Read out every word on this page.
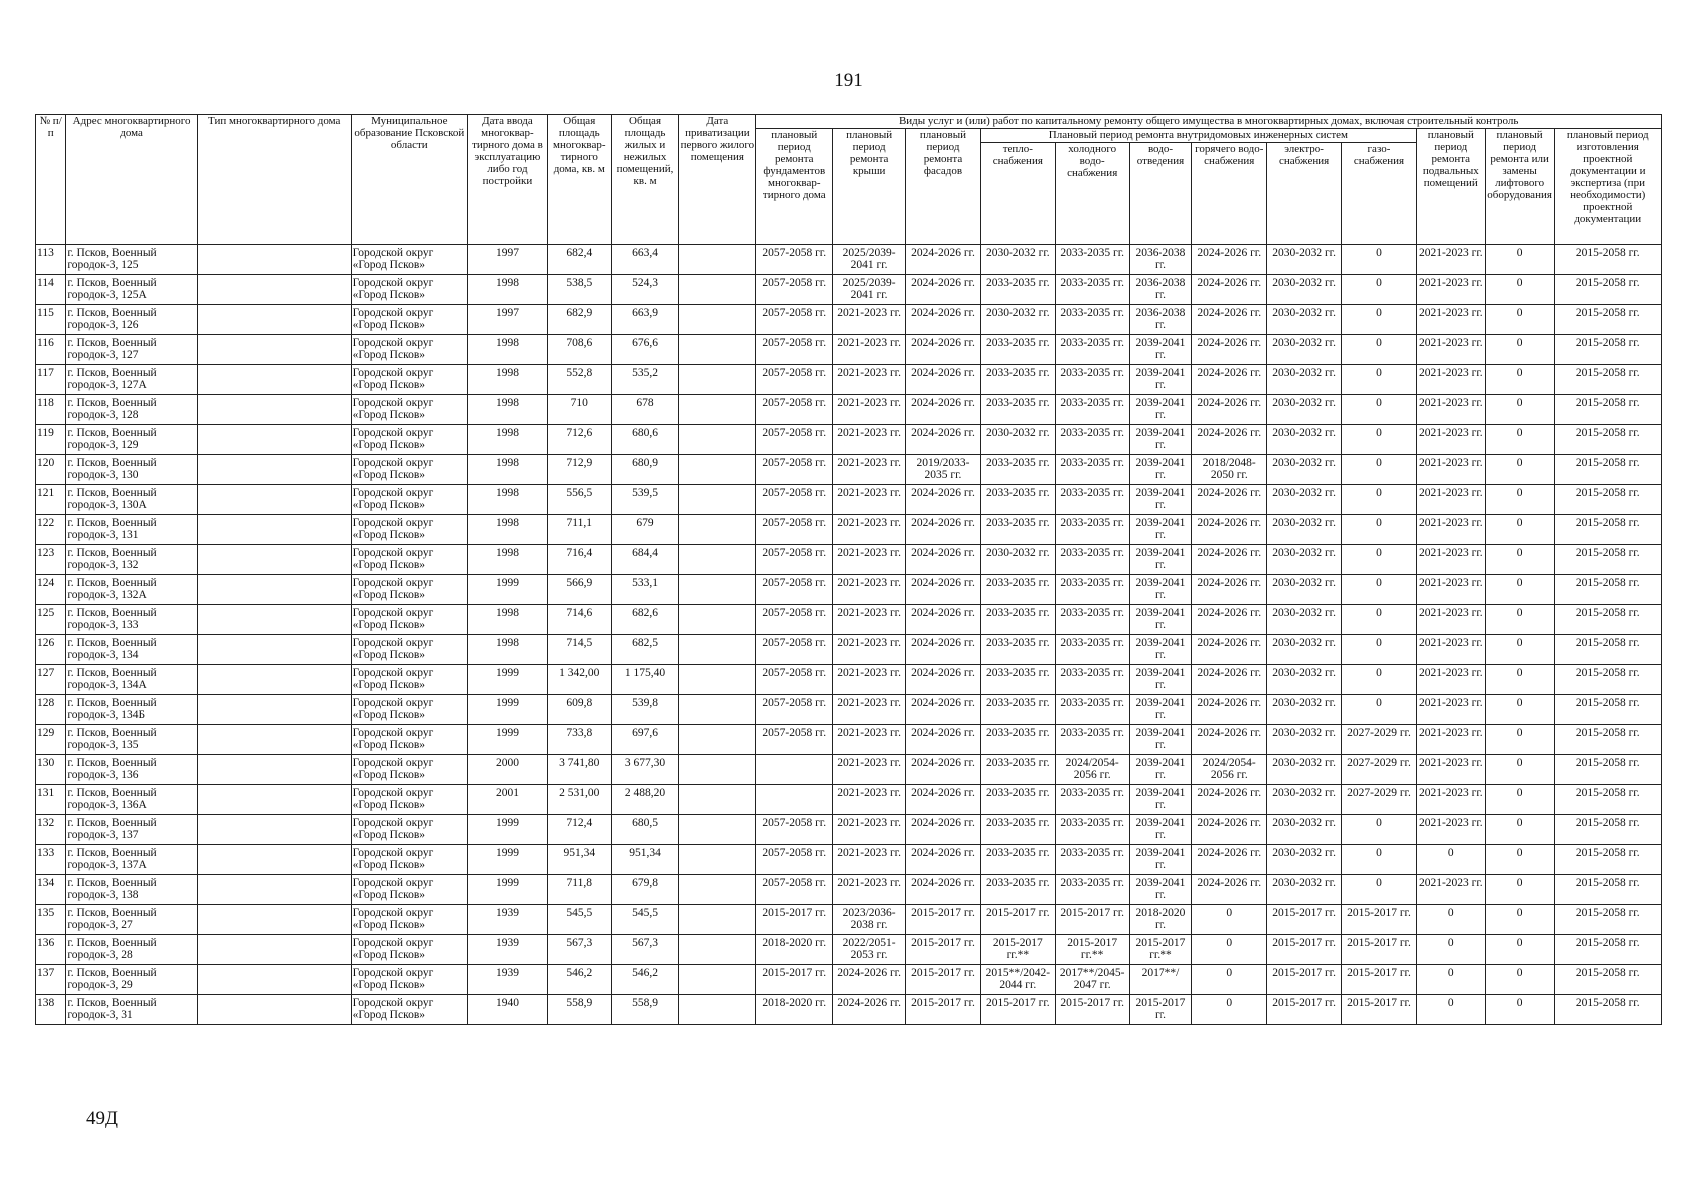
191
№ п/п	Адрес многоквартирного дома	Тип многоквартирного дома	Муниципальное образование Псковской области	Дата ввода многоквар-тирного дома в эксплуатацию либо год постройки	Общая площадь многоквар-тирного дома, кв. м	Общая площадь жилых и нежилых помещений, кв. м	Дата приватизации первого жилого помещения	Виды услуг и (или) работ по капитальному ремонту общего имущества в многоквартирных домах, включая строительный контроль											
								плановый период ремонта фундаментов многоквар-тирного дома	плановый период ремонта крыши	плановый период ремонта фасадов	Плановый период ремонта внутридомовых инженерных систем						плановый период ремонта подвальных помещений	плановый период ремонта или замены лифтового оборудования	плановый период изготовления проектной документации и экспертиза (при необходимости) проектной документации
											тепло-снабжения	холодного водо-снабжения	водо-отведения	горячего водо-снабжения	электро-снабжения	газо-снабжения			
113	г. Псков, Военный городок-3, 125		Городской округ «Город Псков»	1997	682,4	663,4		2057-2058 гг.	2025/2039-2041 гг.	2024-2026 гг.	2030-2032 гг.	2033-2035 гг.	2036-2038 гг.	2024-2026 гг.	2030-2032 гг.	0	2021-2023 гг.	0	2015-2058 гг.
114	г. Псков, Военный городок-3, 125А		Городской округ «Город Псков»	1998	538,5	524,3		2057-2058 гг.	2025/2039-2041 гг.	2024-2026 гг.	2033-2035 гг.	2033-2035 гг.	2036-2038 гг.	2024-2026 гг.	2030-2032 гг.	0	2021-2023 гг.	0	2015-2058 гг.
115	г. Псков, Военный городок-3, 126		Городской округ «Город Псков»	1997	682,9	663,9		2057-2058 гг.	2021-2023 гг.	2024-2026 гг.	2030-2032 гг.	2033-2035 гг.	2036-2038 гг.	2024-2026 гг.	2030-2032 гг.	0	2021-2023 гг.	0	2015-2058 гг.
116	г. Псков, Военный городок-3, 127		Городской округ «Город Псков»	1998	708,6	676,6		2057-2058 гг.	2021-2023 гг.	2024-2026 гг.	2033-2035 гг.	2033-2035 гг.	2039-2041 гг.	2024-2026 гг.	2030-2032 гг.	0	2021-2023 гг.	0	2015-2058 гг.
117	г. Псков, Военный городок-3, 127А		Городской округ «Город Псков»	1998	552,8	535,2		2057-2058 гг.	2021-2023 гг.	2024-2026 гг.	2033-2035 гг.	2033-2035 гг.	2039-2041 гг.	2024-2026 гг.	2030-2032 гг.	0	2021-2023 гг.	0	2015-2058 гг.
118	г. Псков, Военный городок-3, 128		Городской округ «Город Псков»	1998	710	678		2057-2058 гг.	2021-2023 гг.	2024-2026 гг.	2033-2035 гг.	2033-2035 гг.	2039-2041 гг.	2024-2026 гг.	2030-2032 гг.	0	2021-2023 гг.	0	2015-2058 гг.
119	г. Псков, Военный городок-3, 129		Городской округ «Город Псков»	1998	712,6	680,6		2057-2058 гг.	2021-2023 гг.	2024-2026 гг.	2030-2032 гг.	2033-2035 гг.	2039-2041 гг.	2024-2026 гг.	2030-2032 гг.	0	2021-2023 гг.	0	2015-2058 гг.
120	г. Псков, Военный городок-3, 130		Городской округ «Город Псков»	1998	712,9	680,9		2057-2058 гг.	2021-2023 гг.	2019/2033-2035 гг.	2033-2035 гг.	2033-2035 гг.	2039-2041 гг.	2018/2048-2050 гг.	2030-2032 гг.	0	2021-2023 гг.	0	2015-2058 гг.
121	г. Псков, Военный городок-3, 130А		Городской округ «Город Псков»	1998	556,5	539,5		2057-2058 гг.	2021-2023 гг.	2024-2026 гг.	2033-2035 гг.	2033-2035 гг.	2039-2041 гг.	2024-2026 гг.	2030-2032 гг.	0	2021-2023 гг.	0	2015-2058 гг.
122	г. Псков, Военный городок-3, 131		Городской округ «Город Псков»	1998	711,1	679		2057-2058 гг.	2021-2023 гг.	2024-2026 гг.	2033-2035 гг.	2033-2035 гг.	2039-2041 гг.	2024-2026 гг.	2030-2032 гг.	0	2021-2023 гг.	0	2015-2058 гг.
123	г. Псков, Военный городок-3, 132		Городской округ «Город Псков»	1998	716,4	684,4		2057-2058 гг.	2021-2023 гг.	2024-2026 гг.	2030-2032 гг.	2033-2035 гг.	2039-2041 гг.	2024-2026 гг.	2030-2032 гг.	0	2021-2023 гг.	0	2015-2058 гг.
124	г. Псков, Военный городок-3, 132А		Городской округ «Город Псков»	1999	566,9	533,1		2057-2058 гг.	2021-2023 гг.	2024-2026 гг.	2033-2035 гг.	2033-2035 гг.	2039-2041 гг.	2024-2026 гг.	2030-2032 гг.	0	2021-2023 гг.	0	2015-2058 гг.
125	г. Псков, Военный городок-3, 133		Городской округ «Город Псков»	1998	714,6	682,6		2057-2058 гг.	2021-2023 гг.	2024-2026 гг.	2033-2035 гг.	2033-2035 гг.	2039-2041 гг.	2024-2026 гг.	2030-2032 гг.	0	2021-2023 гг.	0	2015-2058 гг.
126	г. Псков, Военный городок-3, 134		Городской округ «Город Псков»	1998	714,5	682,5		2057-2058 гг.	2021-2023 гг.	2024-2026 гг.	2033-2035 гг.	2033-2035 гг.	2039-2041 гг.	2024-2026 гг.	2030-2032 гг.	0	2021-2023 гг.	0	2015-2058 гг.
127	г. Псков, Военный городок-3, 134А		Городской округ «Город Псков»	1999	1 342,00	1 175,40		2057-2058 гг.	2021-2023 гг.	2024-2026 гг.	2033-2035 гг.	2033-2035 гг.	2039-2041 гг.	2024-2026 гг.	2030-2032 гг.	0	2021-2023 гг.	0	2015-2058 гг.
128	г. Псков, Военный городок-3, 134Б		Городской округ «Город Псков»	1999	609,8	539,8		2057-2058 гг.	2021-2023 гг.	2024-2026 гг.	2033-2035 гг.	2033-2035 гг.	2039-2041 гг.	2024-2026 гг.	2030-2032 гг.	0	2021-2023 гг.	0	2015-2058 гг.
129	г. Псков, Военный городок-3, 135		Городской округ «Город Псков»	1999	733,8	697,6		2057-2058 гг.	2021-2023 гг.	2024-2026 гг.	2033-2035 гг.	2033-2035 гг.	2039-2041 гг.	2024-2026 гг.	2030-2032 гг.	2027-2029 гг.	2021-2023 гг.	0	2015-2058 гг.
130	г. Псков, Военный городок-3, 136		Городской округ «Город Псков»	2000	3 741,80	3 677,30			2021-2023 гг.	2024-2026 гг.	2033-2035 гг.	2024/2054-2056 гг.	2039-2041 гг.	2024/2054-2056 гг.	2030-2032 гг.	2027-2029 гг.	2021-2023 гг.	0	2015-2058 гг.
131	г. Псков, Военный городок-3, 136А		Городской округ «Город Псков»	2001	2 531,00	2 488,20			2021-2023 гг.	2024-2026 гг.	2033-2035 гг.	2033-2035 гг.	2039-2041 гг.	2024-2026 гг.	2030-2032 гг.	2027-2029 гг.	2021-2023 гг.	0	2015-2058 гг.
132	г. Псков, Военный городок-3, 137		Городской округ «Город Псков»	1999	712,4	680,5		2057-2058 гг.	2021-2023 гг.	2024-2026 гг.	2033-2035 гг.	2033-2035 гг.	2039-2041 гг.	2024-2026 гг.	2030-2032 гг.	0	2021-2023 гг.	0	2015-2058 гг.
133	г. Псков, Военный городок-3, 137А		Городской округ «Город Псков»	1999	951,34	951,34		2057-2058 гг.	2021-2023 гг.	2024-2026 гг.	2033-2035 гг.	2033-2035 гг.	2039-2041 гг.	2024-2026 гг.	2030-2032 гг.	0	0	0	2015-2058 гг.
134	г. Псков, Военный городок-3, 138		Городской округ «Город Псков»	1999	711,8	679,8		2057-2058 гг.	2021-2023 гг.	2024-2026 гг.	2033-2035 гг.	2033-2035 гг.	2039-2041 гг.	2024-2026 гг.	2030-2032 гг.	0	2021-2023 гг.	0	2015-2058 гг.
135	г. Псков, Военный городок-3, 27		Городской округ «Город Псков»	1939	545,5	545,5		2015-2017 гг.	2023/2036-2038 гг.	2015-2017 гг.	2015-2017 гг.	2015-2017 гг.	2018-2020 гг.	0	2015-2017 гг.	2015-2017 гг.	0	0	2015-2058 гг.
136	г. Псков, Военный городок-3, 28		Городской округ «Город Псков»	1939	567,3	567,3		2018-2020 гг.	2022/2051-2053 гг.	2015-2017 гг.	2015-2017 гг.**	2015-2017 гг.**	2015-2017 гг.**	0	2015-2017 гг.	2015-2017 гг.	0	0	2015-2058 гг.
137	г. Псков, Военный городок-3, 29		Городской округ «Город Псков»	1939	546,2	546,2		2015-2017 гг.	2024-2026 гг.	2015-2017 гг.	2015**/2042-2044 гг.	2017**/2045-2047 гг.	2017**/	0	2015-2017 гг.	2015-2017 гг.	0	0	2015-2058 гг.
138	г. Псков, Военный городок-3, 31		Городской округ «Город Псков»	1940	558,9	558,9		2018-2020 гг.	2024-2026 гг.	2015-2017 гг.	2015-2017 гг.	2015-2017 гг.	2015-2017 гг.	0	2015-2017 гг.	2015-2017 гг.	0	0	2015-2058 гг.
49Д
